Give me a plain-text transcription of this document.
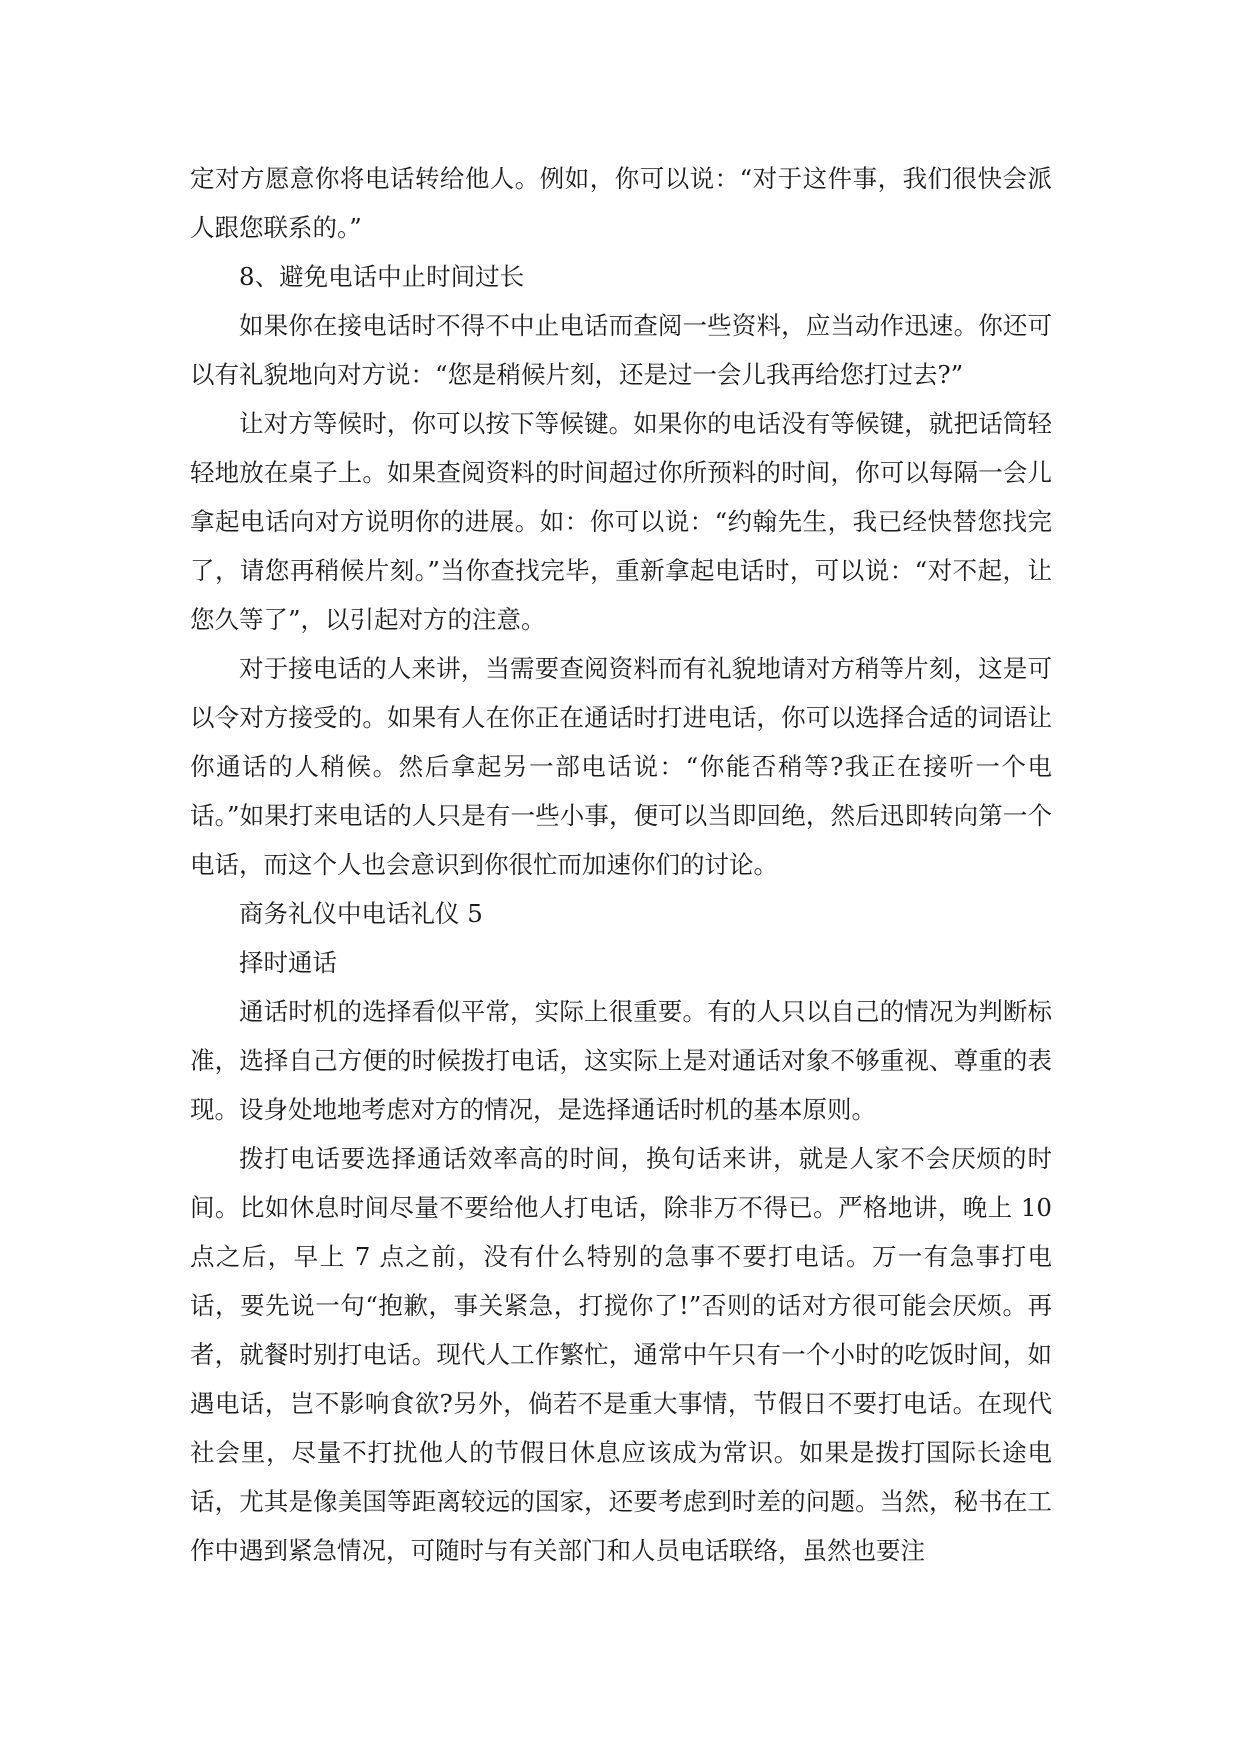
定对方愿意你将电话转给他人。例如，你可以说：“对于这件事，我们很快会派人跟您联系的。”

8、避免电话中止时间过长

如果你在接电话时不得不中止电话而查阅一些资料，应当动作迅速。你还可以有礼貌地向对方说：“您是稍候片刻，还是过一会儿我再给您打过去?”

让对方等候时，你可以按下等候键。如果你的电话没有等候键，就把话筒轻轻地放在桌子上。如果查阅资料的时间超过你所预料的时间，你可以每隔一会儿拿起电话向对方说明你的进展。如：你可以说：“约翰先生，我已经快替您找完了，请您再稍候片刻。”当你查找完毕，重新拿起电话时，可以说：“对不起，让您久等了”，以引起对方的注意。

对于接电话的人来讲，当需要查阅资料而有礼貌地请对方稍等片刻，这是可以令对方接受的。如果有人在你正在通话时打进电话，你可以选择合适的词语让你通话的人稍候。然后拿起另一部电话说：“你能否稍等?我正在接听一个电话。”如果打来电话的人只是有一些小事，便可以当即回绝，然后迅即转向第一个电话，而这个人也会意识到你很忙而加速你们的讨论。

商务礼仪中电话礼仪 5

择时通话

通话时机的选择看似平常，实际上很重要。有的人只以自己的情况为判断标准，选择自己方便的时候拨打电话，这实际上是对通话对象不够重视、尊重的表现。设身处地地考虑对方的情况，是选择通话时机的基本原则。

拨打电话要选择通话效率高的时间，换句话来讲，就是人家不会厌烦的时间。比如休息时间尽量不要给他人打电话，除非万不得已。严格地讲，晚上 10 点之后，早上 7 点之前，没有什么特别的急事不要打电话。万一有急事打电话，要先说一句“抱歉，事关紧急，打搅你了!”否则的话对方很可能会厌烦。再者，就餐时别打电话。现代人工作繁忙，通常中午只有一个小时的吃饭时间，如遇电话，岂不影响食欲?另外，倘若不是重大事情，节假日不要打电话。在现代社会里，尽量不打扰他人的节假日休息应该成为常识。如果是拨打国际长途电话，尤其是像美国等距离较远的国家，还要考虑到时差的问题。当然，秘书在工作中遇到紧急情况，可随时与有关部门和人员电话联络，虽然也要注
